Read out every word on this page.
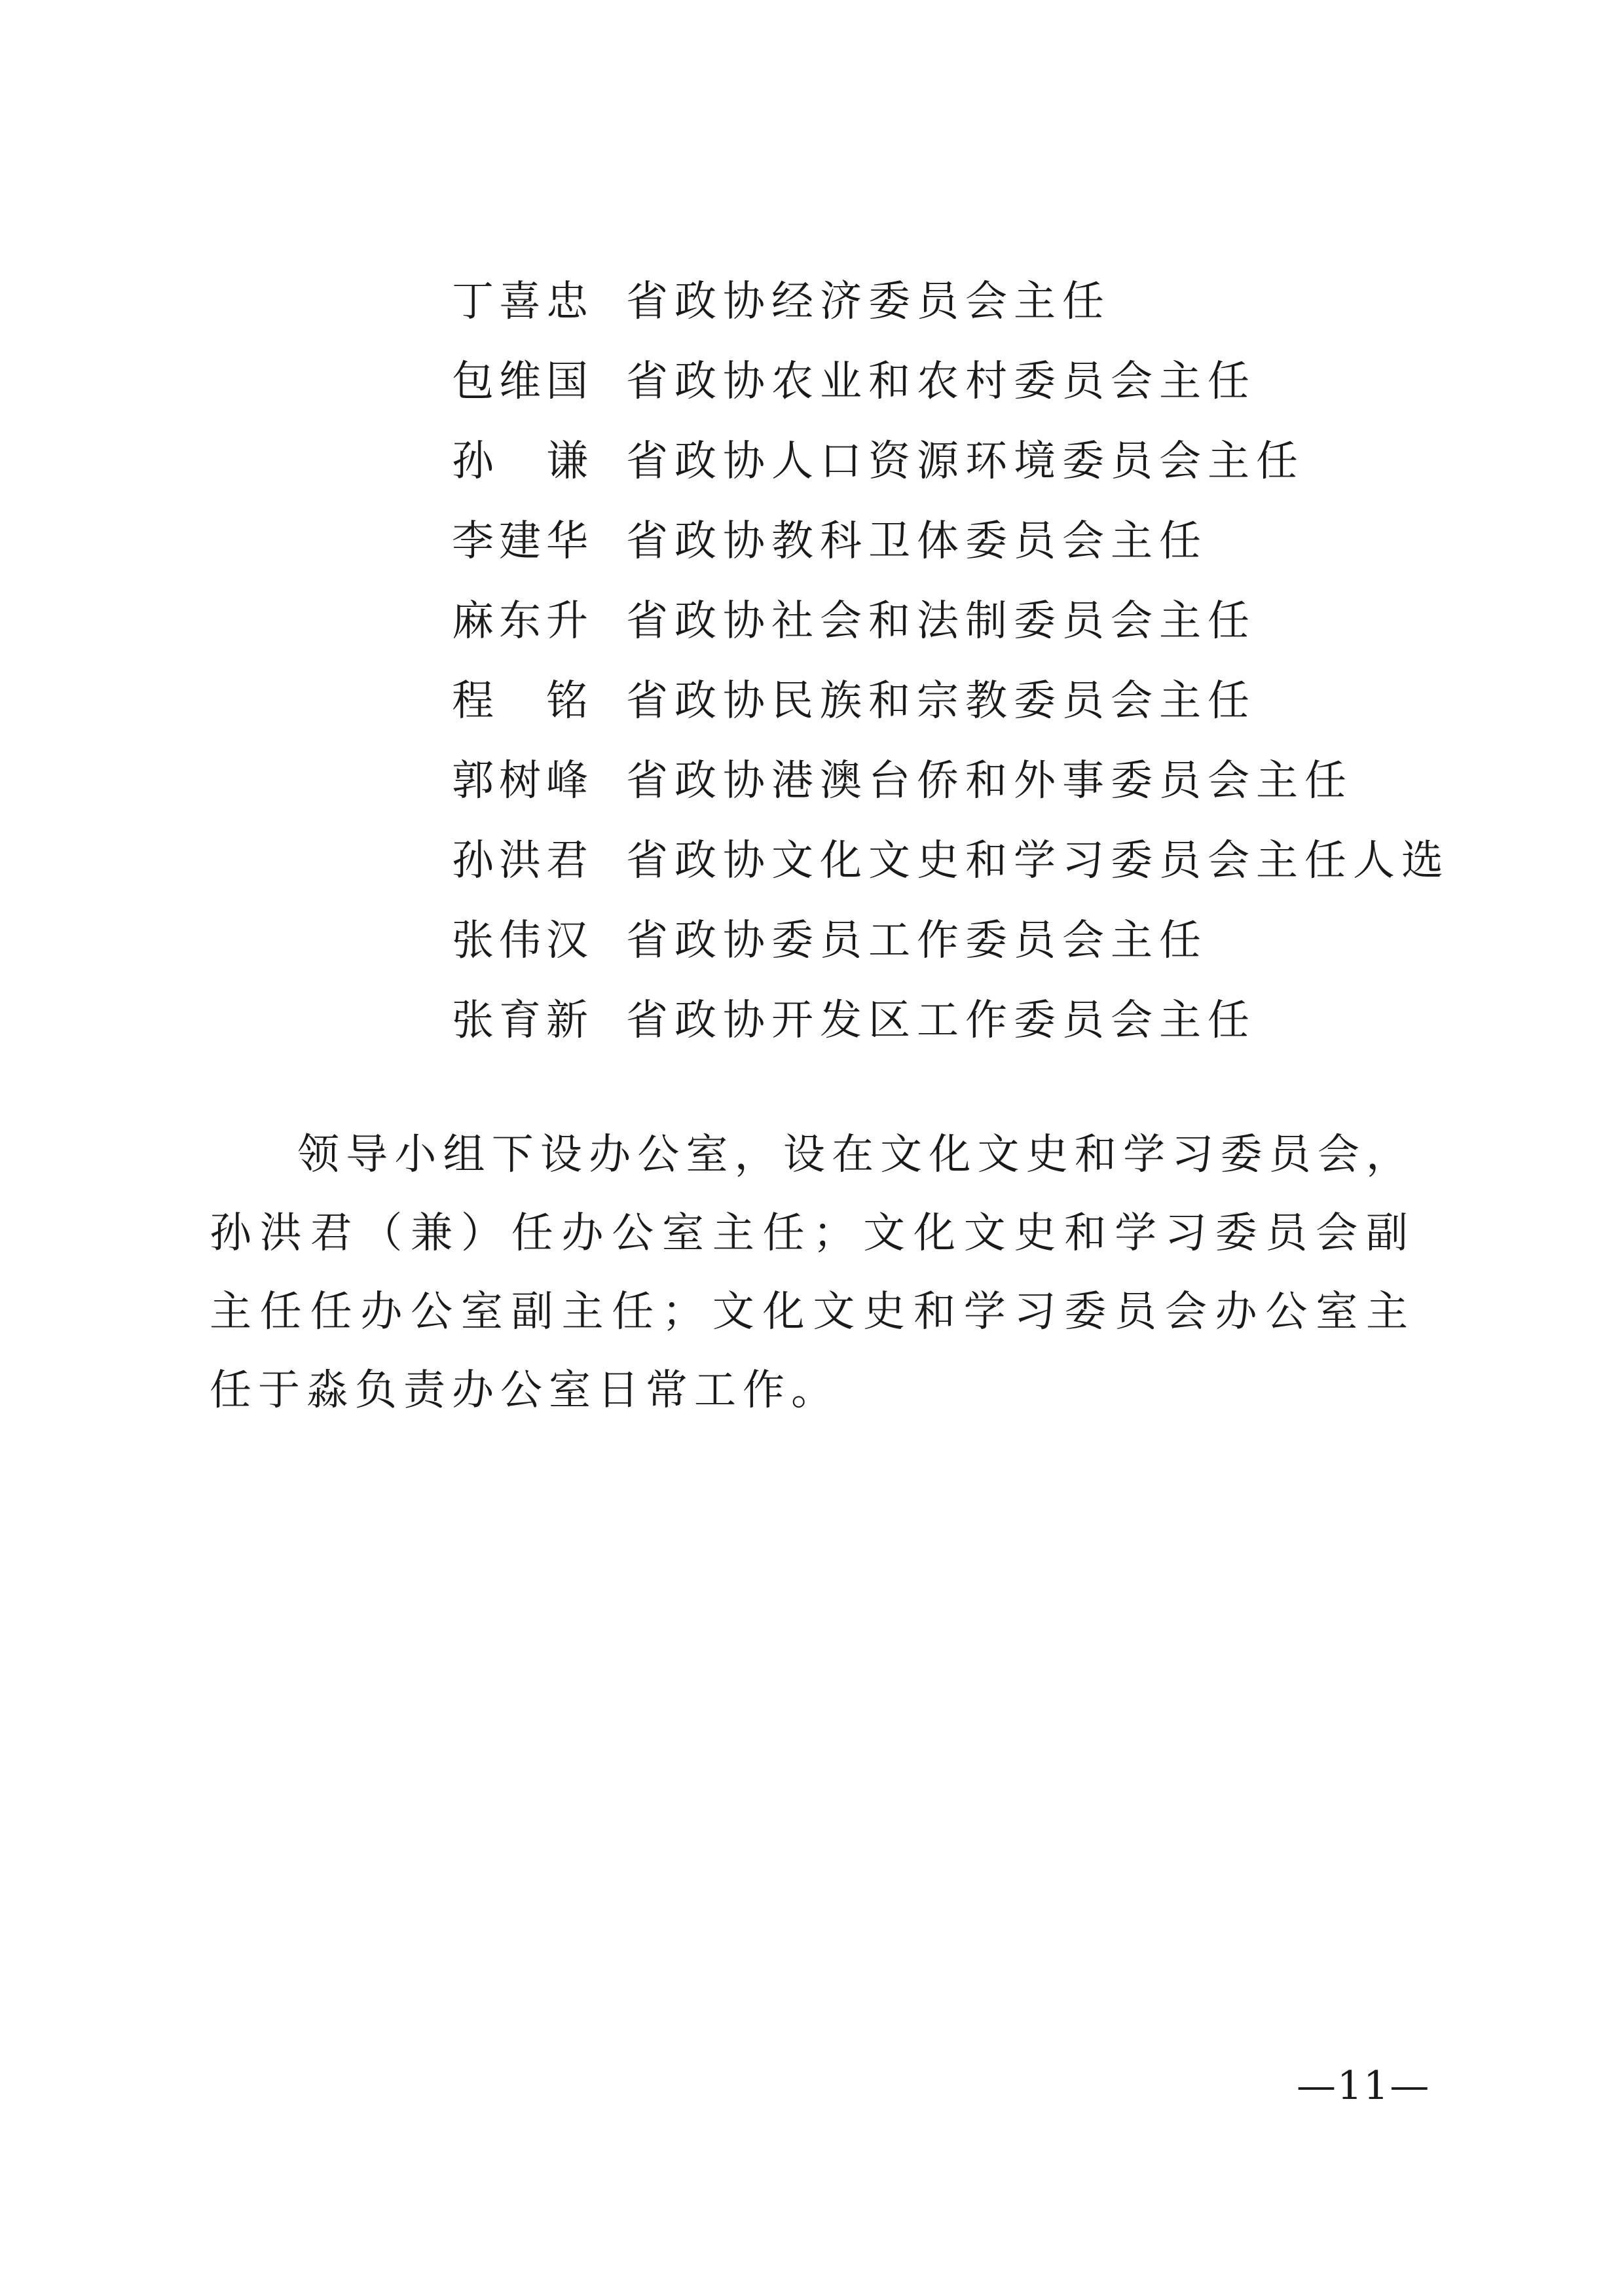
丁喜忠 省政协经济委员会主任
包维国 省政协农业和农村委员会主任
孙　谦 省政协人口资源环境委员会主任
李建华 省政协教科卫体委员会主任
麻东升 省政协社会和法制委员会主任
程　铭 省政协民族和宗教委员会主任
郭树峰 省政协港澳台侨和外事委员会主任
孙洪君 省政协文化文史和学习委员会主任人选
张伟汉 省政协委员工作委员会主任
张育新 省政协开发区工作委员会主任

领导小组下设办公室，设在文化文史和学习委员会，孙洪君（兼）任办公室主任；文化文史和学习委员会副主任任办公室副主任；文化文史和学习委员会办公室主任于淼负责办公室日常工作。

—11—
